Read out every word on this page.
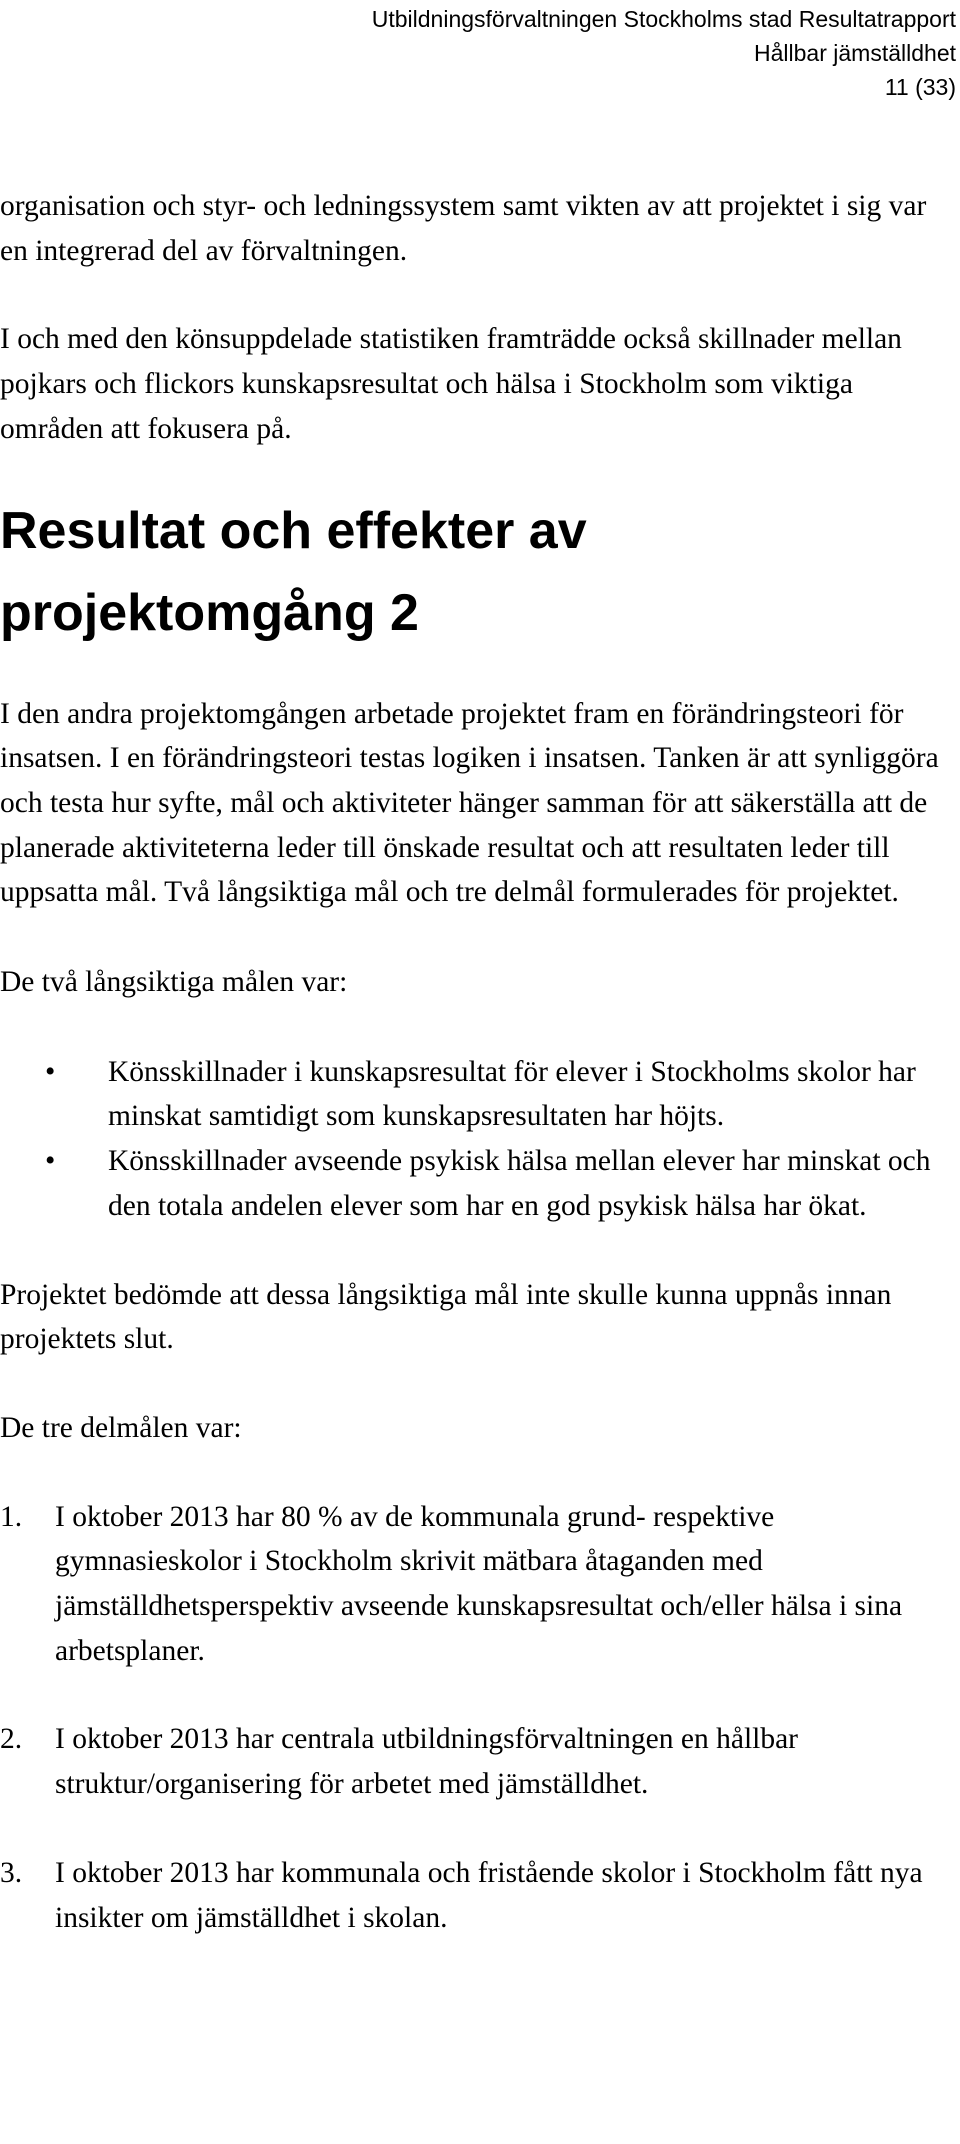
Utbildningsförvaltningen Stockholms stad Resultatrapport
Hållbar jämställdhet
11 (33)

organisation och styr- och ledningssystem samt vikten av att projektet i sig var en integrerad del av förvaltningen.

I och med den könsuppdelade statistiken framträdde också skillnader mellan pojkars och flickors kunskapsresultat och hälsa i Stockholm som viktiga områden att fokusera på.

Resultat och effekter av projektomgång 2

I den andra projektomgången arbetade projektet fram en förändringsteori för insatsen. I en förändringsteori testas logiken i insatsen. Tanken är att synliggöra och testa hur syfte, mål och aktiviteter hänger samman för att säkerställa att de planerade aktiviteterna leder till önskade resultat och att resultaten leder till uppsatta mål. Två långsiktiga mål och tre delmål formulerades för projektet.

De två långsiktiga målen var:

• Könsskillnader i kunskapsresultat för elever i Stockholms skolor har minskat samtidigt som kunskapsresultaten har höjts.
• Könsskillnader avseende psykisk hälsa mellan elever har minskat och den totala andelen elever som har en god psykisk hälsa har ökat.

Projektet bedömde att dessa långsiktiga mål inte skulle kunna uppnås innan projektets slut.

De tre delmålen var:

1. I oktober 2013 har 80 % av de kommunala grund- respektive gymnasieskolor i Stockholm skrivit mätbara åtaganden med jämställdhetsperspektiv avseende kunskapsresultat och/eller hälsa i sina arbetsplaner.
2. I oktober 2013 har centrala utbildningsförvaltningen en hållbar struktur/organisering för arbetet med jämställdhet.
3. I oktober 2013 har kommunala och fristående skolor i Stockholm fått nya insikter om jämställdhet i skolan.
